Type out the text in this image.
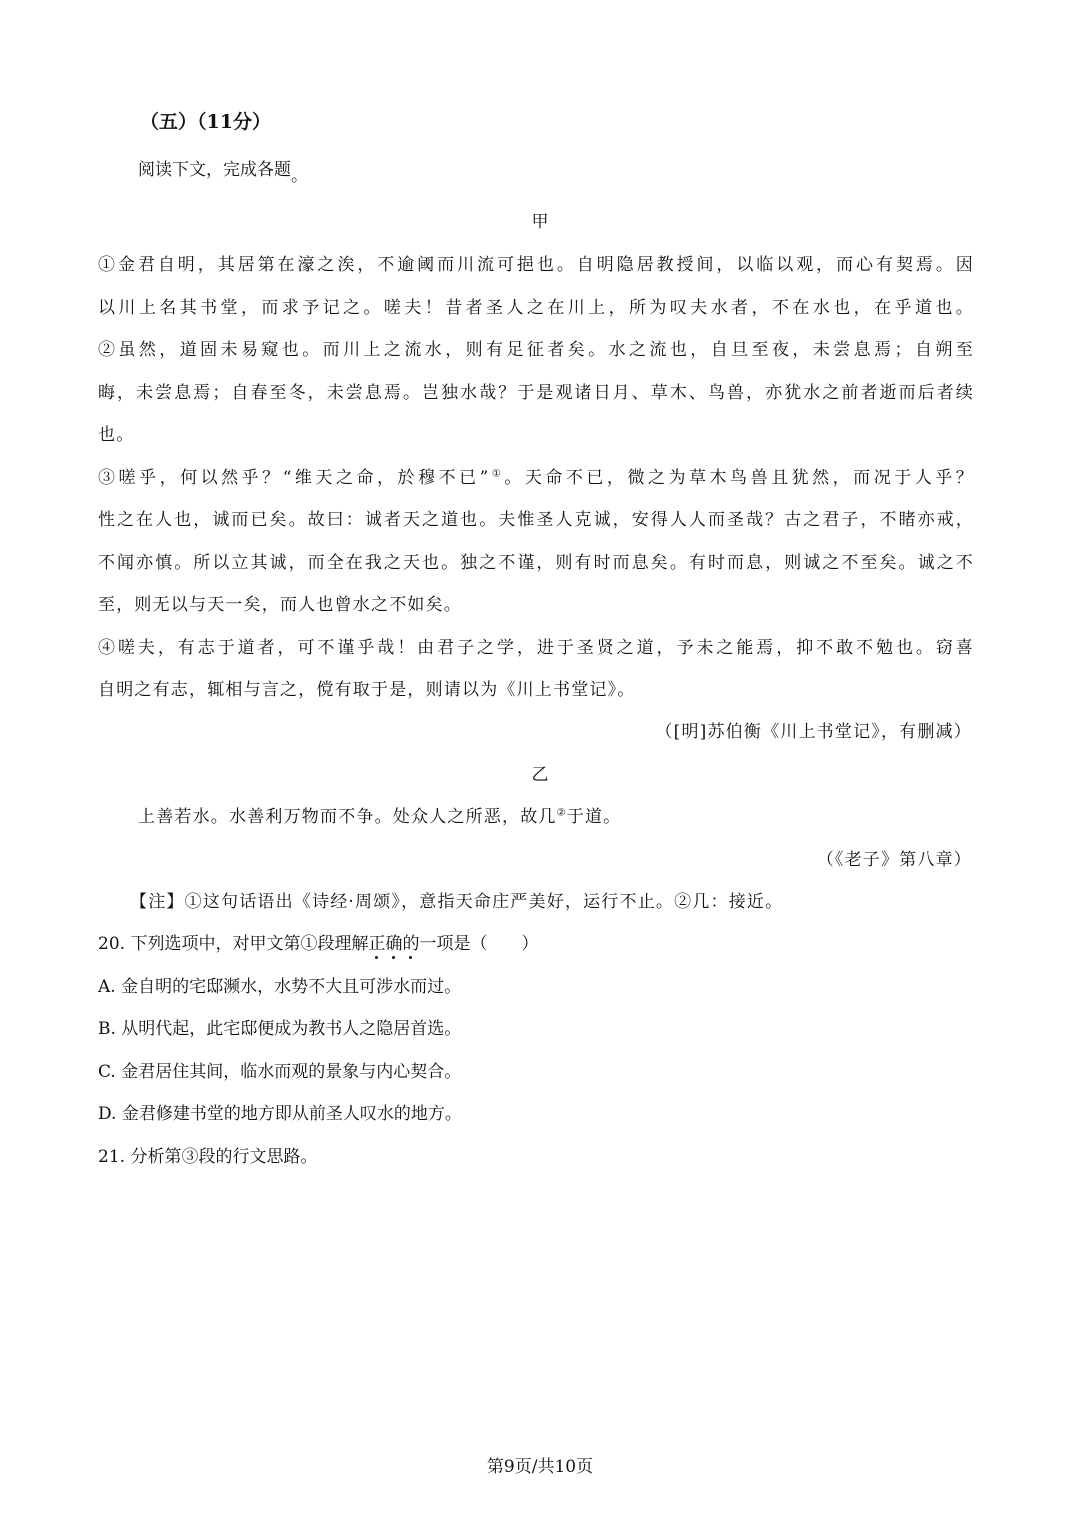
（五）（11分）
阅读下文，完成各题。
甲
①金君自明，其居第在濠之涘，不逾阈而川流可挹也。自明隐居教授间，以临以观，而心有契焉。因
以川上名其书堂，而求予记之。嗟夫！昔者圣人之在川上，所为叹夫水者，不在水也，在乎道也。
②虽然，道固未易窥也。而川上之流水，则有足征者矣。水之流也，自旦至夜，未尝息焉；自朔至
晦，未尝息焉；自春至冬，未尝息焉。岂独水哉？于是观诸日月、草木、鸟兽，亦犹水之前者逝而后者续
也。
③嗟乎，何以然乎？“维天之命，於穆不已”①。天命不已，微之为草木鸟兽且犹然，而况于人乎？
性之在人也，诚而已矣。故曰：诚者天之道也。夫惟圣人克诚，安得人人而圣哉？古之君子，不睹亦戒，
不闻亦慎。所以立其诚，而全在我之天也。独之不谨，则有时而息矣。有时而息，则诚之不至矣。诚之不
至，则无以与天一矣，而人也曾水之不如矣。
④嗟夫，有志于道者，可不谨乎哉！由君子之学，进于圣贤之道，予未之能焉，抑不敢不勉也。窃喜
自明之有志，辄相与言之，傥有取于是，则请以为《川上书堂记》。
（[明]苏伯衡《川上书堂记》，有删减）
乙
上善若水。水善利万物而不争。处众人之所恶，故几②于道。
（《老子》第八章）
【注】①这句话语出《诗经·周颂》，意指天命庄严美好，运行不止。②几：接近。
20. 下列选项中，对甲文第①段理解正确的一项是（　　）
A. 金自明的宅邸濒水，水势不大且可涉水而过。
B. 从明代起，此宅邸便成为教书人之隐居首选。
C. 金君居住其间，临水而观的景象与内心契合。
D. 金君修建书堂的地方即从前圣人叹水的地方。
21. 分析第③段的行文思路。
第9页/共10页
